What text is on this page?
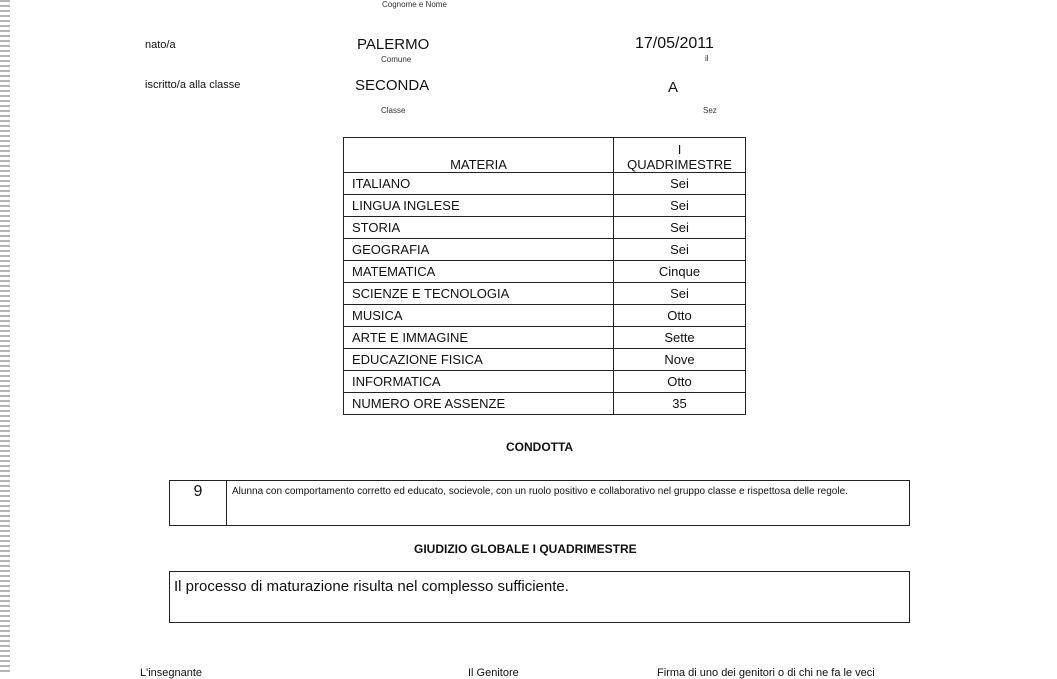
Cognome e Nome
nato/a	PALERMO
Comune
17/05/2011
il
iscritto/a alla classe	SECONDA
Classe
A
Sez
MATERIA	I
QUADRIMESTRE
ITALIANO	Sei
LINGUA INGLESE	Sei
STORIA	Sei
GEOGRAFIA	Sei
MATEMATICA	Cinque
SCIENZE E TECNOLOGIA	Sei
MUSICA	Otto
ARTE E IMMAGINE	Sette
EDUCAZIONE FISICA	Nove
INFORMATICA	Otto
NUMERO ORE ASSENZE	35
CONDOTTA
9	Alunna con comportamento corretto ed educato, socievole, con un ruolo positivo e collaborativo nel gruppo classe e rispettosa delle regole.
GIUDIZIO GLOBALE I QUADRIMESTRE
Il processo di maturazione risulta nel complesso sufficiente.
L'insegnante	Il Genitore	Firma di uno dei genitori o di chi ne fa le veci
